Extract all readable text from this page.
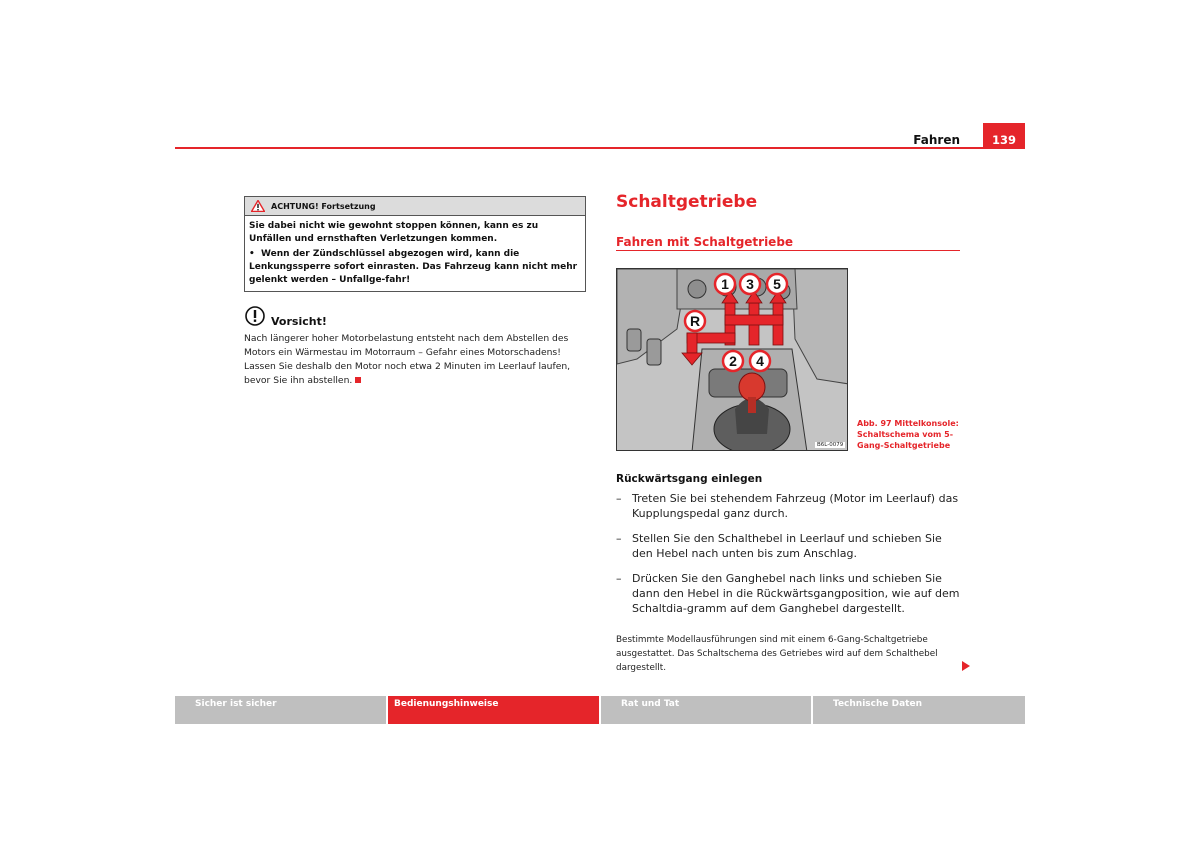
Fahren	139
ACHTUNG! Fortsetzung

Sie dabei nicht wie gewohnt stoppen können, kann es zu Unfällen und ernsthaften Verletzungen kommen.

• Wenn der Zündschlüssel abgezogen wird, kann die Lenkungssperre sofort einrasten. Das Fahrzeug kann nicht mehr gelenkt werden – Unfallge-fahr!

Vorsicht!
Nach längerer hoher Motorbelastung entsteht nach dem Abstellen des Motors ein Wärmestau im Motorraum – Gefahr eines Motorschadens! Lassen Sie deshalb den Motor noch etwa 2 Minuten im Leerlauf laufen, bevor Sie ihn abstellen.
Schaltgetriebe
Fahren mit Schaltgetriebe
1 3 5
R
2 4
B6L-0079
Abb. 97 Mittelkonsole: Schaltschema vom 5-Gang-Schaltgetriebe
Rückwärtsgang einlegen
– Treten Sie bei stehendem Fahrzeug (Motor im Leerlauf) das Kupplungspedal ganz durch.
– Stellen Sie den Schalthebel in Leerlauf und schieben Sie den Hebel nach unten bis zum Anschlag.
– Drücken Sie den Ganghebel nach links und schieben Sie dann den Hebel in die Rückwärtsgangposition, wie auf dem Schaltdia-gramm auf dem Ganghebel dargestellt.
Bestimmte Modellausführungen sind mit einem 6-Gang-Schaltgetriebe ausgestattet. Das Schaltschema des Getriebes wird auf dem Schalthebel dargestellt.
Sicher ist sicher	Bedienungshinweise	Rat und Tat	Technische Daten
